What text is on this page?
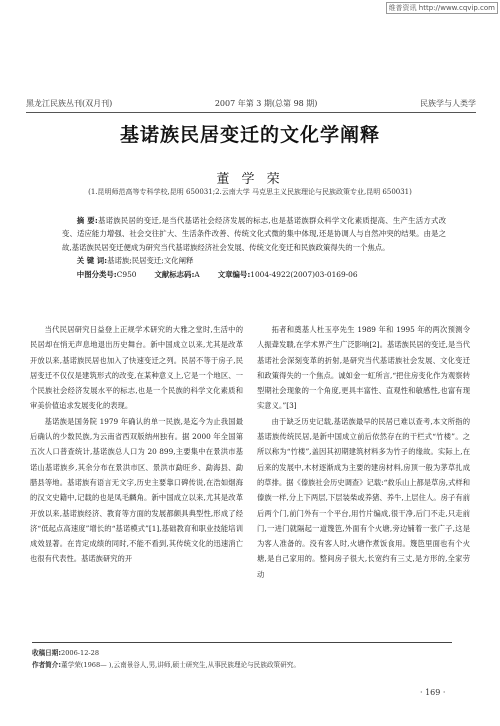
维普资讯 http://www.cqvip.com
黑龙江民族丛刊(双月刊)	2007 年第 3 期(总第 98 期)	民族学与人类学
基诺族民居变迁的文化学阐释
董 学 荣
(1.昆明师范高等专科学校,昆明 650031;2.云南大学 马克思主义民族理论与民族政策专业,昆明 650031)

摘 要:基诺族民居的变迁,是当代基诺社会经济发展的标志,也是基诺族群众科学文化素质提高、生产生活方式改变、适应能力增强、社会交往扩大、生活条件改善、传统文化式微的集中体现,还是协调人与自然冲突的结果。由是之故,基诺族民居变迁便成为研究当代基诺族经济社会发展、传统文化变迁和民族政策得失的一个焦点。

关 键 词:基诺族;民居变迁;文化阐释

中图分类号:C950 文献标志码:A 文章编号:1004-4922(2007)03-0169-06

当代民居研究日益登上正规学术研究的大雅之堂时,生活中的民居却在悄无声息地退出历史舞台。新中国成立以来,尤其是改革开放以来,基诺族民居也加入了快速变迁之列。民居不等于房子,民居变迁不仅仅是建筑形式的改变,在某种意义上,它是一个地区、一个民族社会经济发展水平的标志,也是一个民族的科学文化素质和审美价值追求发展变化的表现。

基诺族是国务院 1979 年确认的单一民族,是迄今为止我国最后确认的少数民族,为云南省西双版纳州独有。据 2000 年全国第五次人口普查统计,基诺族总人口为 20 899,主要集中在景洪市基诺山基诺族乡,其余分布在景洪市区、景洪市勐旺乡、勐海县、勐腊县等地。基诺族有语言无文字,历史主要靠口碑传说,在浩如烟海的汉文史籍中,记载的也是凤毛麟角。新中国成立以来,尤其是改革开放以来,基诺族经济、教育等方面的发展都颇具典型性,形成了经济“低起点高速度”增长的“基诺模式”[1],基础教育和职业技能培训成效显著。在肯定成绩的同时,不能不看到,其传统文化的迅速消亡也很有代表性。基诺族研究的开

拓者和奠基人杜玉亭先生 1989 年和 1995 年的两次预测令人振聋发聩,在学术界产生广泛影响[2]。基诺族民居的变迁,是当代基诺社会深刻变革的折射,是研究当代基诺族社会发展、文化变迁和政策得失的一个焦点。诚如金一虹所言,“把住房变化作为观察转型期社会现象的一个角度,更具丰富性、直观性和敏感性,也富有现实意义。”[3]

由于缺乏历史记载,基诺族最早的民居已难以查考,本文所指的基诺族传统民居,是新中国成立前后依然存在的干栏式“竹楼”。之所以称为“竹楼”,盖因其初期建筑材料多为竹子的缘故。实际上,在后来的发展中,木材逐渐成为主要的建房材料,房顶一般为茅草扎成的草排。据《傣族社会历史调查》记载:“救乐山上都是草房,式样和傣族一样,分上下两层,下层装柴或养猪、养牛,上层住人。房子有前后两个门,前门外有一个平台,用竹片编成,很干净,后门不走,只走前门,一进门就隔起一道篾笆,外面有个火塘,旁边铺着一张广子,这是为客人准备的。没有客人时,火塘作煮饭食用。篾笆里面也有个火塘,是自己家用的。整间房子很大,长宽约有三丈,是方形的,全家劳动

收稿日期:2006-12-28
作者简介:董学荣(1968— ),云南景谷人,男,讲师,硕士研究生,从事民族理论与民族政策研究。
· 169 ·
